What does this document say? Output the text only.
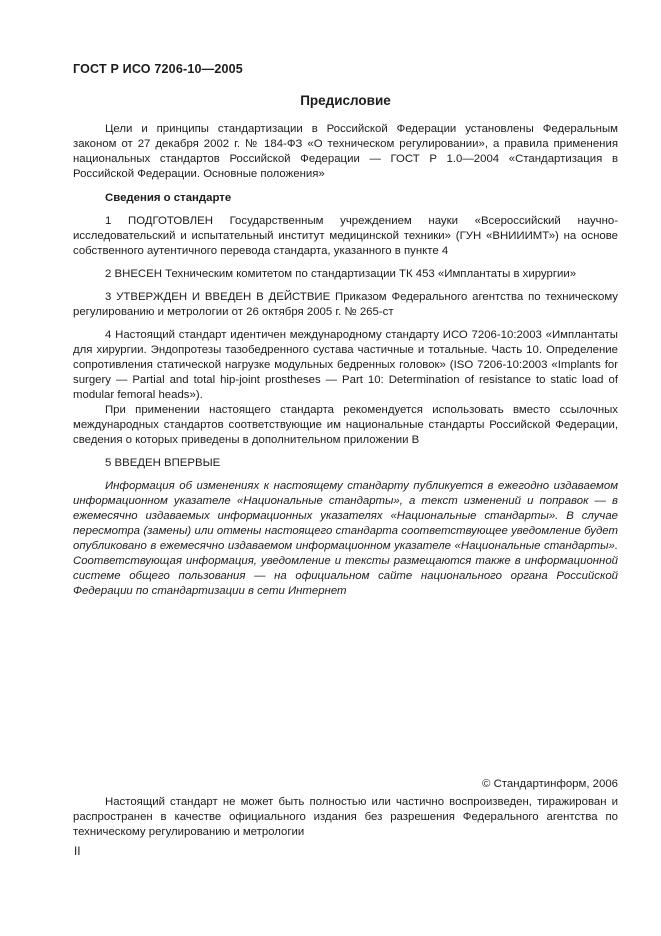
ГОСТ Р ИСО 7206-10—2005
Предисловие

Цели и принципы стандартизации в Российской Федерации установлены Федеральным законом от 27 декабря 2002 г. № 184-ФЗ «О техническом регулировании», а правила применения национальных стандартов Российской Федерации — ГОСТ Р 1.0—2004 «Стандартизация в Российской Федерации. Основные положения»

Сведения о стандарте

1 ПОДГОТОВЛЕН Государственным учреждением науки «Всероссийский научно-исследовательский и испытательный институт медицинской техники» (ГУН «ВНИИИМТ») на основе собственного аутентичного перевода стандарта, указанного в пункте 4

2 ВНЕСЕН Техническим комитетом по стандартизации ТК 453 «Имплантаты в хирургии»

3 УТВЕРЖДЕН И ВВЕДЕН В ДЕЙСТВИЕ Приказом Федерального агентства по техническому регулированию и метрологии от 26 октября 2005 г. № 265-ст

4 Настоящий стандарт идентичен международному стандарту ИСО 7206-10:2003 «Имплантаты для хирургии. Эндопротезы тазобедренного сустава частичные и тотальные. Часть 10. Определение сопротивления статической нагрузке модульных бедренных головок» (ISO 7206-10:2003 «Implants for surgery — Partial and total hip-joint prostheses — Part 10: Determination of resistance to static load of modular femoral heads»).

При применении настоящего стандарта рекомендуется использовать вместо ссылочных международных стандартов соответствующие им национальные стандарты Российской Федерации, сведения о которых приведены в дополнительном приложении В

5 ВВЕДЕН ВПЕРВЫЕ

Информация об изменениях к настоящему стандарту публикуется в ежегодно издаваемом информационном указателе «Национальные стандарты», а текст изменений и поправок — в ежемесячно издаваемых информационных указателях «Национальные стандарты». В случае пересмотра (замены) или отмены настоящего стандарта соответствующее уведомление будет опубликовано в ежемесячно издаваемом информационном указателе «Национальные стандарты». Соответствующая информация, уведомление и тексты размещаются также в информационной системе общего пользования — на официальном сайте национального органа Российской Федерации по стандартизации в сети Интернет

© Стандартинформ, 2006

Настоящий стандарт не может быть полностью или частично воспроизведен, тиражирован и распространен в качестве официального издания без разрешения Федерального агентства по техническому регулированию и метрологии

II
